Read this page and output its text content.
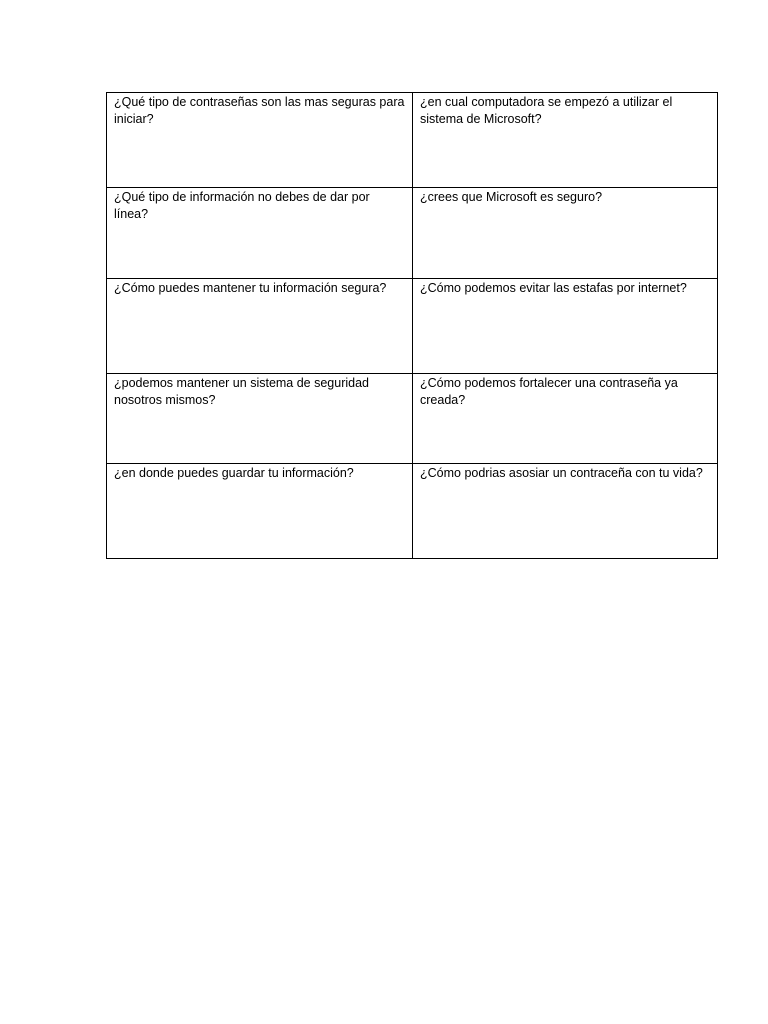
¿Qué tipo de contraseñas son las mas seguras para iniciar?	¿en cual computadora se empezó a utilizar el sistema de Microsoft?
¿Qué tipo de información no debes de dar por línea?	¿crees que Microsoft es seguro?
¿Cómo puedes mantener tu información segura?	¿Cómo podemos evitar las estafas por internet?
¿podemos mantener un sistema de seguridad nosotros mismos?	¿Cómo podemos fortalecer una contraseña ya creada?
¿en donde puedes guardar tu información?	¿Cómo podrias asosiar un contraceña con tu vida?
